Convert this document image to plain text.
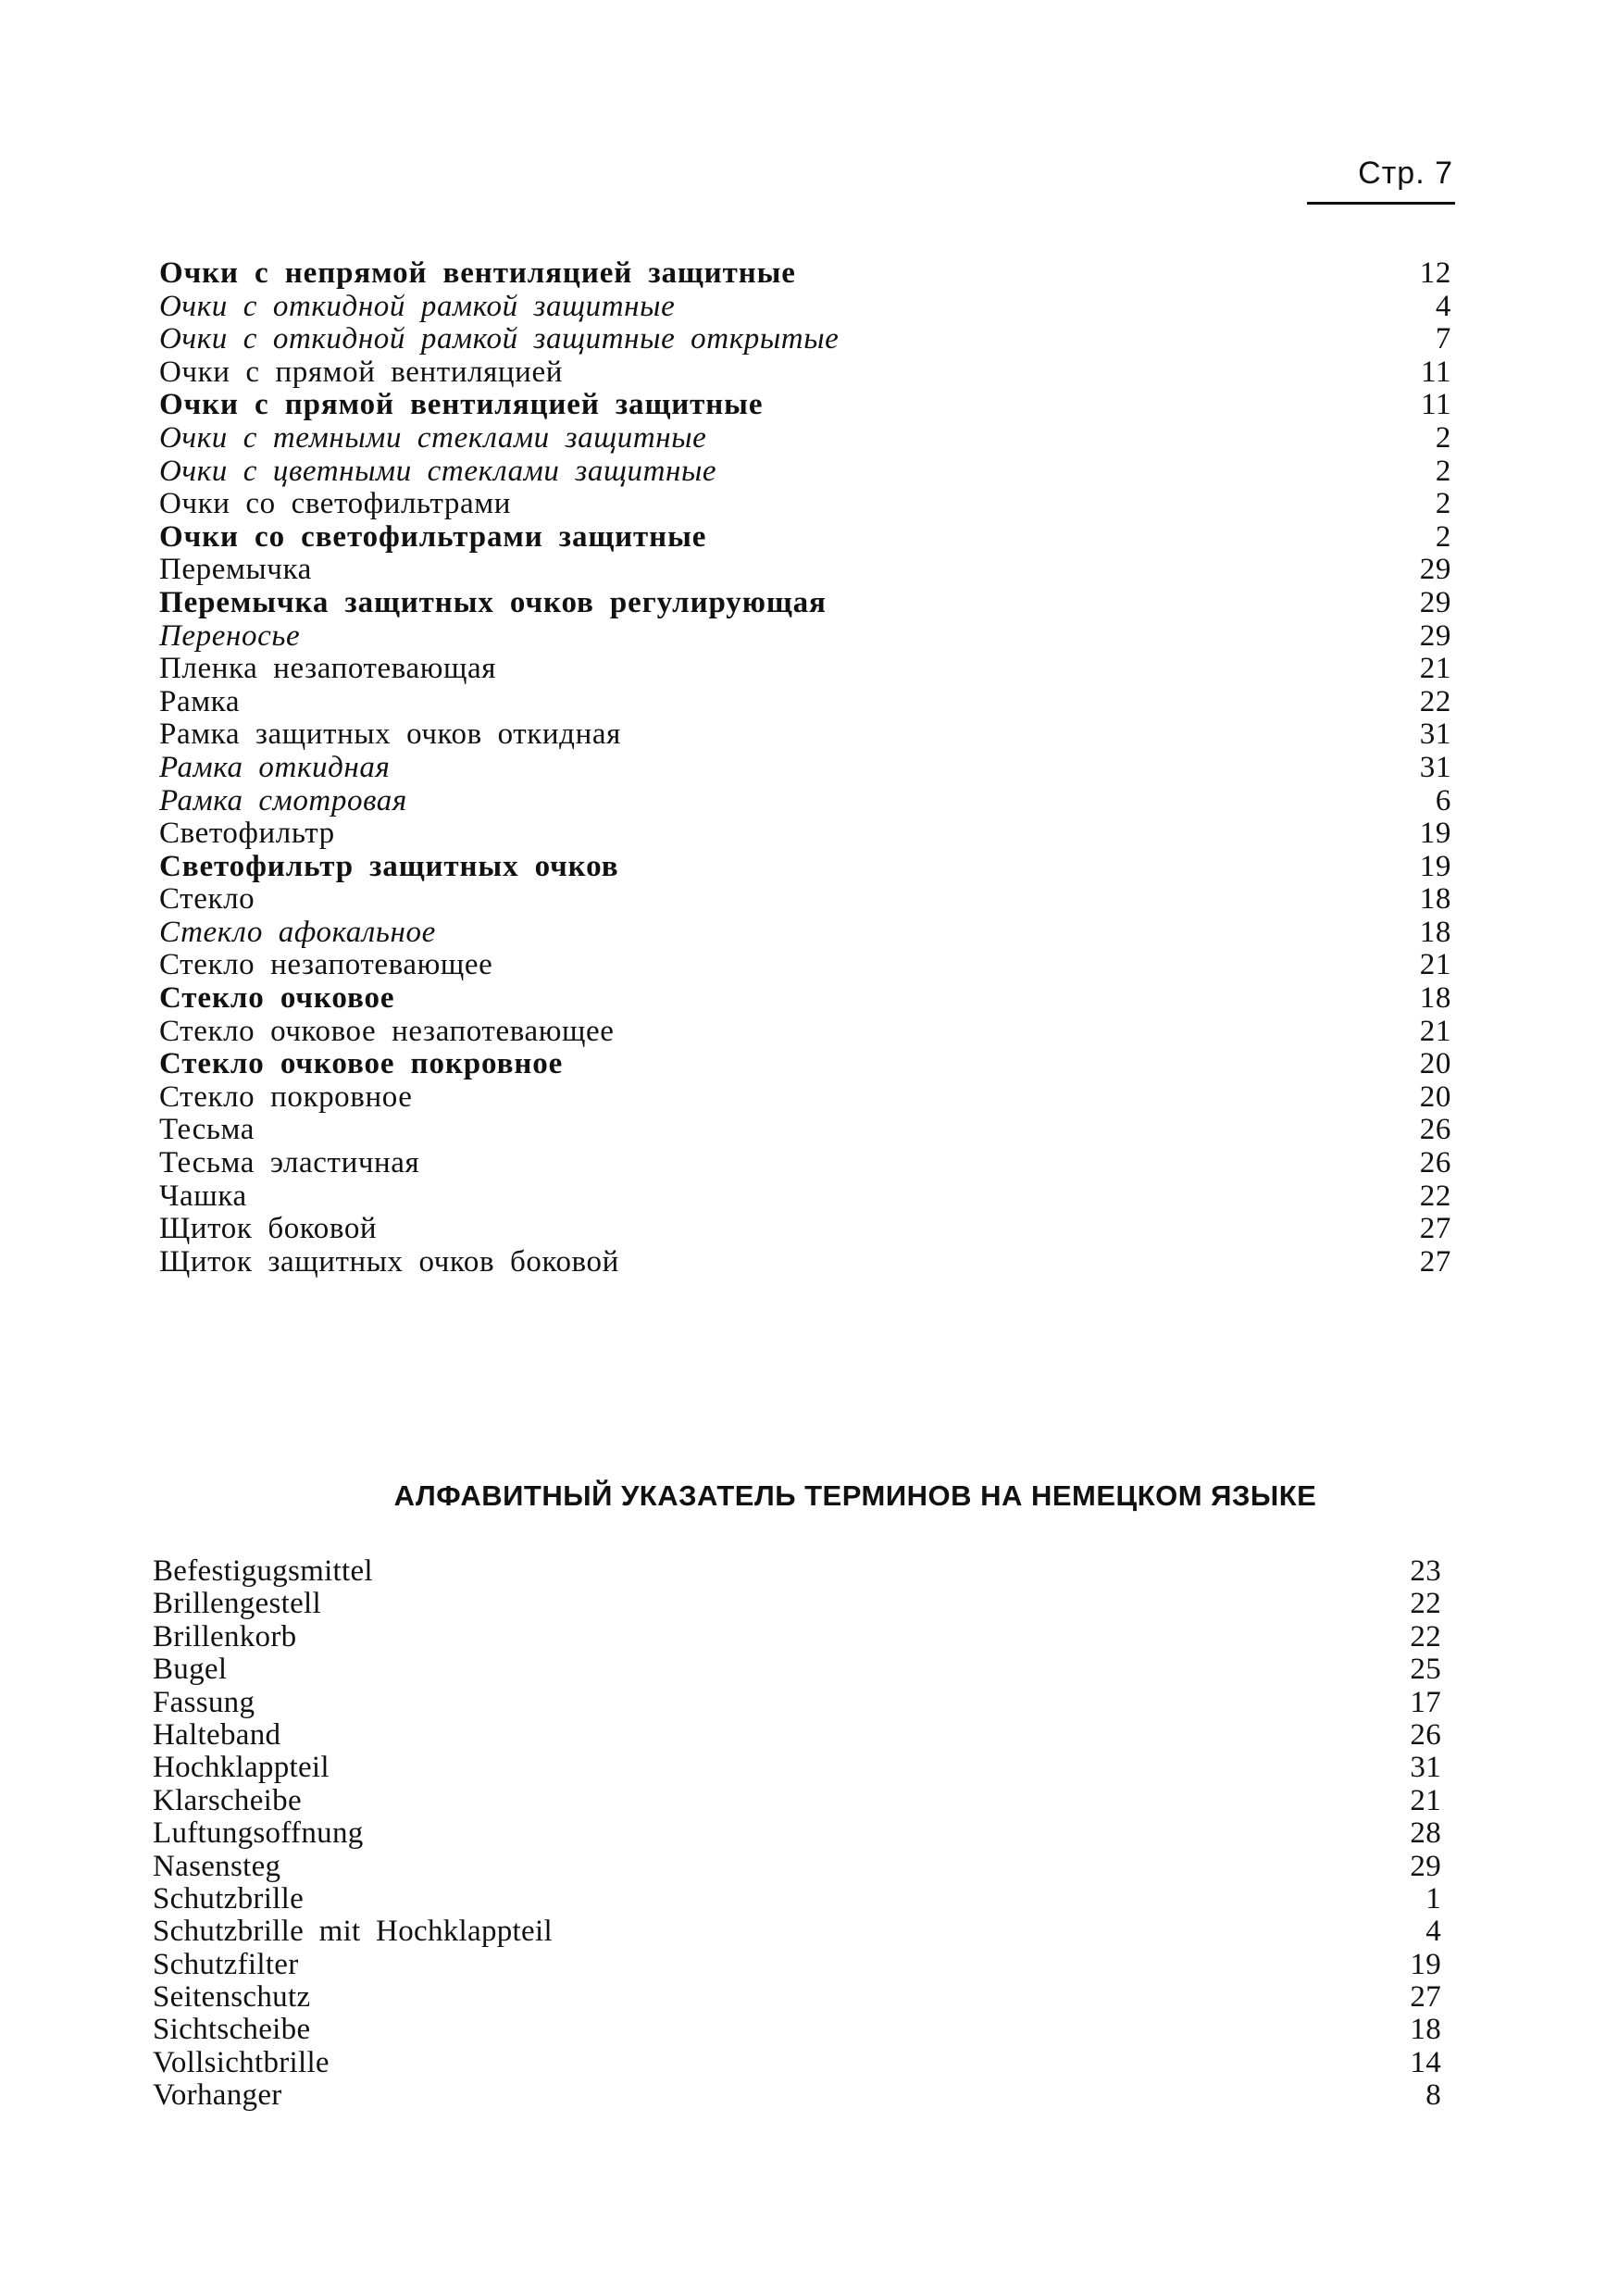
Стр. 7
Очки с непрямой вентиляцией защитные	12
Очки с откидной рамкой защитные	4
Очки с откидной рамкой защитные открытые	7
Очки с прямой вентиляцией	11
Очки с прямой вентиляцией защитные	11
Очки с темными стеклами защитные	2
Очки с цветными стеклами защитные	2
Очки со светофильтрами	2
Очки со светофильтрами защитные	2
Перемычка	29
Перемычка защитных очков регулирующая	29
Переносье	29
Пленка незапотевающая	21
Рамка	22
Рамка защитных очков откидная	31
Рамка откидная	31
Рамка смотровая	6
Светофильтр	19
Светофильтр защитных очков	19
Стекло	18
Стекло афокальное	18
Стекло незапотевающее	21
Стекло очковое	18
Стекло очковое незапотевающее	21
Стекло очковое покровное	20
Стекло покровное	20
Тесьма	26
Тесьма эластичная	26
Чашка	22
Щиток боковой	27
Щиток защитных очков боковой	27
АЛФАВИТНЫЙ УКАЗАТЕЛЬ ТЕРМИНОВ НА НЕМЕЦКОМ ЯЗЫКЕ
Befestigugsmittel	23
Brillengestell	22
Brillenkorb	22
Bugel	25
Fassung	17
Halteband	26
Hochklappteil	31
Klarscheibe	21
Luftungsoffnung	28
Nasensteg	29
Schutzbrille	1
Schutzbrille mit Hochklappteil	4
Schutzfilter	19
Seitenschutz	27
Sichtscheibe	18
Vollsichtbrille	14
Vorhanger	8
